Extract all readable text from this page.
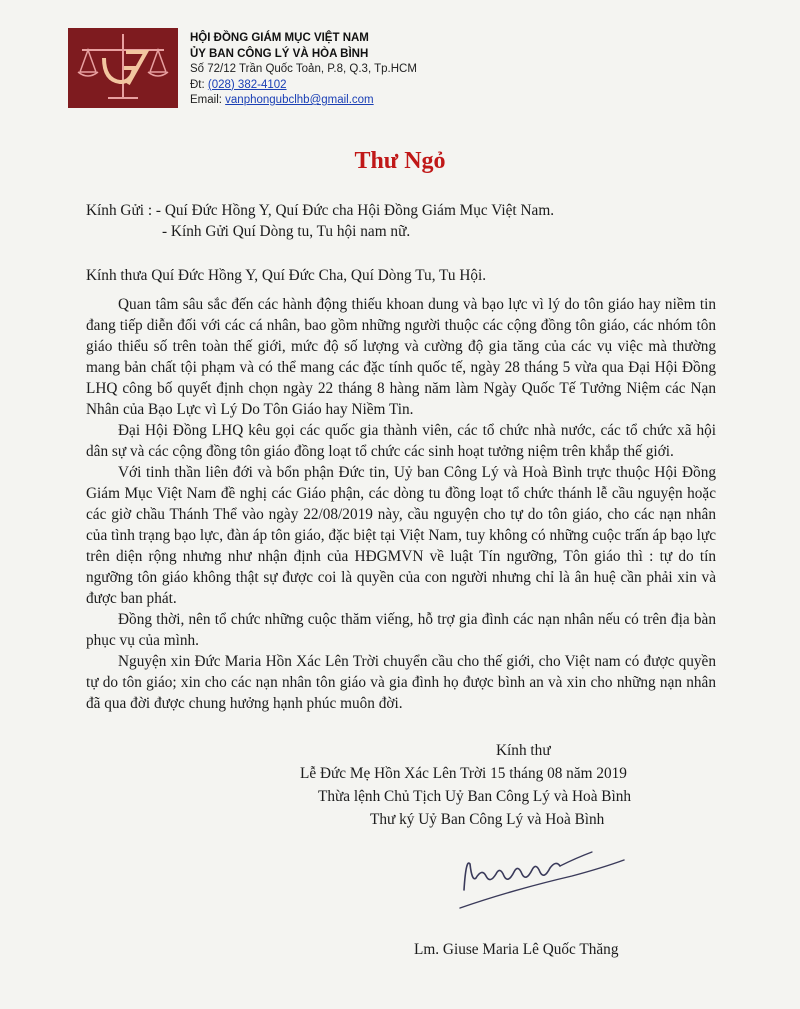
HỘI ĐỒNG GIÁM MỤC VIỆT NAM
ỦY BAN CÔNG LÝ VÀ HÒA BÌNH
Số 72/12 Trần Quốc Toản, P.8, Q.3, Tp.HCM
Đt: (028) 382-4102
Email: vanphongubclhb@gmail.com
Thư Ngỏ
Kính Gửi : - Quí Đức Hồng Y, Quí Đức cha Hội Đồng Giám Mục Việt Nam.
- Kính Gửi Quí Dòng tu, Tu hội nam nữ.
Kính thưa Quí Đức Hồng Y, Quí Đức Cha, Quí Dòng Tu, Tu Hội.

Quan tâm sâu sắc đến các hành động thiếu khoan dung và bạo lực vì lý do tôn giáo hay niềm tin đang tiếp diễn đối với các cá nhân, bao gồm những người thuộc các cộng đồng tôn giáo, các nhóm tôn giáo thiểu số trên toàn thế giới, mức độ số lượng và cường độ gia tăng của các vụ việc mà thường mang bản chất tội phạm và có thể mang các đặc tính quốc tế, ngày 28 tháng 5 vừa qua Đại Hội Đồng LHQ công bố quyết định chọn ngày 22 tháng 8 hàng năm làm Ngày Quốc Tế Tưởng Niệm các Nạn Nhân của Bạo Lực vì Lý Do Tôn Giáo hay Niềm Tin.

Đại Hội Đồng LHQ kêu gọi các quốc gia thành viên, các tổ chức nhà nước, các tổ chức xã hội dân sự và các cộng đồng tôn giáo đồng loạt tổ chức các sinh hoạt tưởng niệm trên khắp thế giới.

Với tinh thần liên đới và bổn phận Đức tin, Uỷ ban Công Lý và Hoà Bình trực thuộc Hội Đồng Giám Mục Việt Nam đề nghị các Giáo phận, các dòng tu đồng loạt tổ chức thánh lễ cầu nguyện hoặc các giờ chầu Thánh Thể vào ngày 22/08/2019 này, cầu nguyện cho tự do tôn giáo, cho các nạn nhân của tình trạng bạo lực, đàn áp tôn giáo, đặc biệt tại Việt Nam, tuy không có những cuộc trấn áp bạo lực trên diện rộng nhưng như nhận định của HĐGMVN về luật Tín ngưỡng, Tôn giáo thì : tự do tín ngưỡng tôn giáo không thật sự được coi là quyền của con người nhưng chỉ là ân huệ cần phải xin và được ban phát.

Đồng thời, nên tổ chức những cuộc thăm viếng, hỗ trợ gia đình các nạn nhân nếu có trên địa bàn phục vụ của mình.

Nguyện xin Đức Maria Hồn Xác Lên Trời chuyển cầu cho thế giới, cho Việt nam có được quyền tự do tôn giáo; xin cho các nạn nhân tôn giáo và gia đình họ được bình an và xin cho những nạn nhân đã qua đời được chung hưởng hạnh phúc muôn đời.

Kính thư
Lễ Đức Mẹ Hồn Xác Lên Trời 15 tháng 08 năm 2019
Thừa lệnh Chủ Tịch Uỷ Ban Công Lý và Hoà Bình
Thư ký Uỷ Ban Công Lý và Hoà Bình
Lm. Giuse Maria Lê Quốc Thăng
